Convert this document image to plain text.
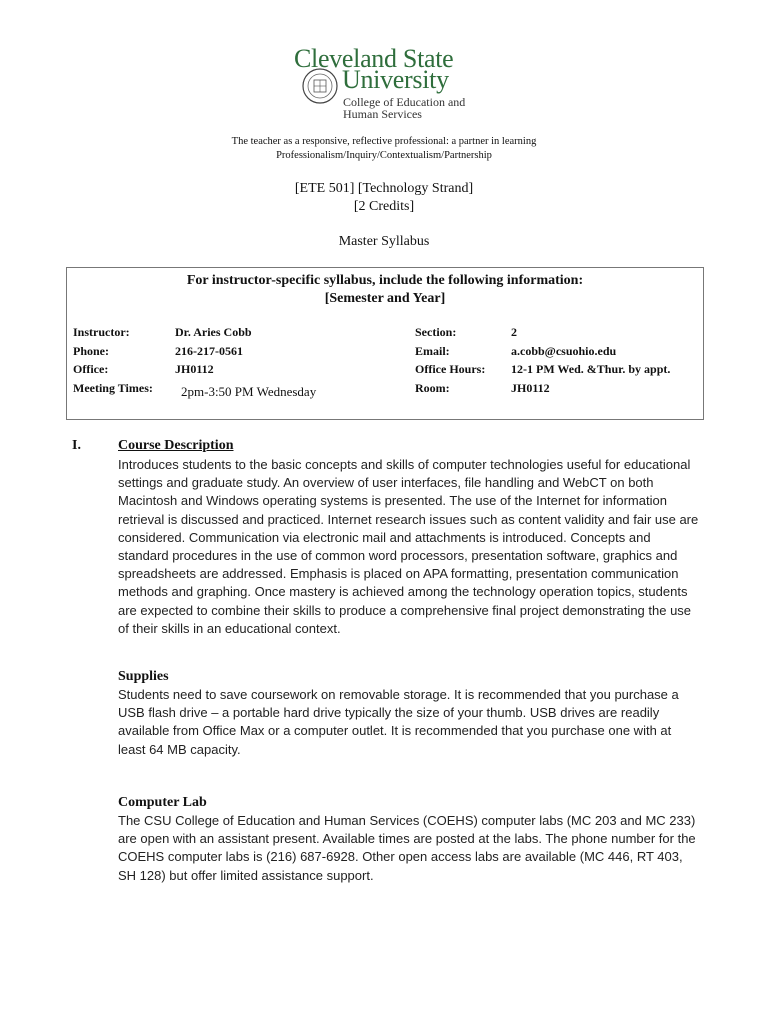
Cleveland State
University
College of Education and
Human Services
The teacher as a responsive, reflective professional: a partner in learning
Professionalism/Inquiry/Contextualism/Partnership
[ETE 501] [Technology Strand]
[2 Credits]
Master Syllabus
For instructor-specific syllabus, include the following information:
[Semester and Year]
Instructor:	Dr. Aries Cobb
Phone:	216-217-0561
Office:	JH0112
Meeting Times: 2pm-3:50 PM Wednesday
Section:	2
Email:	a.cobb@csuohio.edu
Office Hours: 12-1 PM Wed. &Thur. by appt.
Room:	JH0112
I.	Course Description

Introduces students to the basic concepts and skills of computer technologies useful for educational settings and graduate study. An overview of user interfaces, file handling and WebCT on both Macintosh and Windows operating systems is presented. The use of the Internet for information retrieval is discussed and practiced. Internet research issues such as content validity and fair use are considered. Communication via electronic mail and attachments is introduced. Concepts and standard procedures in the use of common word processors, presentation software, graphics and spreadsheets are addressed. Emphasis is placed on APA formatting, presentation communication methods and graphing. Once mastery is achieved among the technology operation topics, students are expected to combine their skills to produce a comprehensive final project demonstrating the use of their skills in an educational context.

Supplies

Students need to save coursework on removable storage. It is recommended that you purchase a USB flash drive – a portable hard drive typically the size of your thumb. USB drives are readily available from Office Max or a computer outlet. It is recommended that you purchase one with at least 64 MB capacity.

Computer Lab

The CSU College of Education and Human Services (COEHS) computer labs (MC 203 and MC 233) are open with an assistant present. Available times are posted at the labs. The phone number for the COEHS computer labs is (216) 687-6928. Other open access labs are available (MC 446, RT 403, SH 128) but offer limited assistance support.
